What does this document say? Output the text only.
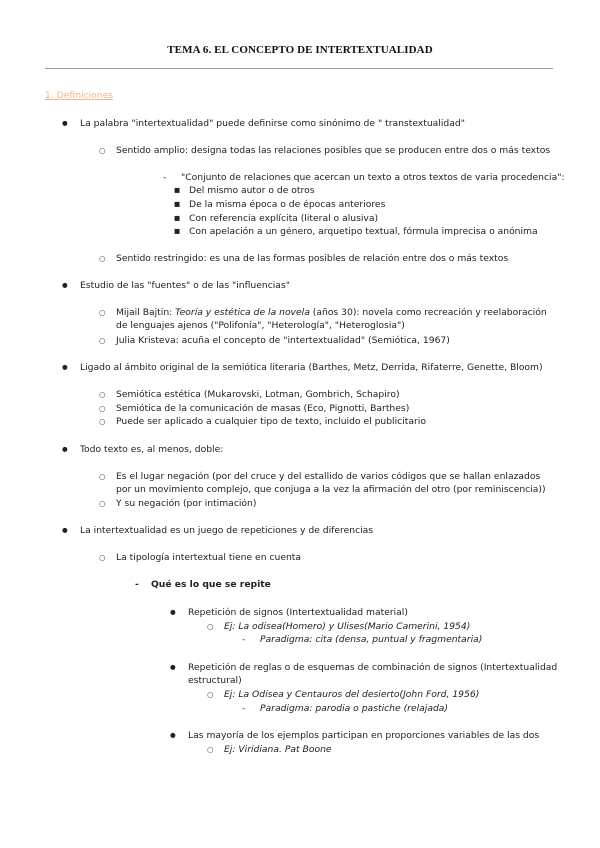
TEMA 6. EL CONCEPTO DE INTERTEXTUALIDAD
1. Definiciones
● La palabra "intertextualidad" puede definirse como sinónimo de " transtextualidad"
○ Sentido amplio: designa todas las relaciones posibles que se producen entre dos o más textos
- "Conjunto de relaciones que acercan un texto a otros textos de varia procedencia":
■ Del mismo autor o de otros
■ De la misma época o de épocas anteriores
■ Con referencia explícita (literal o alusiva)
■ Con apelación a un género, arquetipo textual, fórmula imprecisa o anónima
○ Sentido restringido: es una de las formas posibles de relación entre dos o más textos
● Estudio de las "fuentes" o de las "influencias"
○ Mijail Bajtin: Teoría y estética de la novela (años 30): novela como recreación y reelaboración de lenguajes ajenos ("Polifonía", "Heterología", "Heteroglosia")
○ Julia Kristeva: acuña el concepto de "intertextualidad" (Semiótica, 1967)
● Ligado al ámbito original de la semiótica literaria (Barthes, Metz, Derrida, Rifaterre, Genette, Bloom)
○ Semiótica estética (Mukarovski, Lotman, Gombrich, Schapiro)
○ Semiótica de la comunicación de masas (Eco, Pignotti, Barthes)
○ Puede ser aplicado a cualquier tipo de texto, incluido el publicitario
● Todo texto es, al menos, doble:
○ Es el lugar negación (por del cruce y del estallido de varios códigos que se hallan enlazados por un movimiento complejo, que conjuga a la vez la afirmación del otro (por reminiscencia))
○ Y su negación (por intimación)
● La intertextualidad es un juego de repeticiones y de diferencias
○ La tipología intertextual tiene en cuenta
- Qué es lo que se repite
● Repetición de signos (Intertextualidad material)
○ Ej: La odisea(Homero) y Ulises(Mario Camerini, 1954)
- Paradigma: cita (densa, puntual y fragmentaria)
● Repetición de reglas o de esquemas de combinación de signos (Intertextualidad estructural)
○ Ej: La Odisea y Centauros del desierto(John Ford, 1956)
- Paradigma: parodia o pastiche (relajada)
● Las mayoría de los ejemplos participan en proporciones variables de las dos
○ Ej: Viridiana. Pat Boone
